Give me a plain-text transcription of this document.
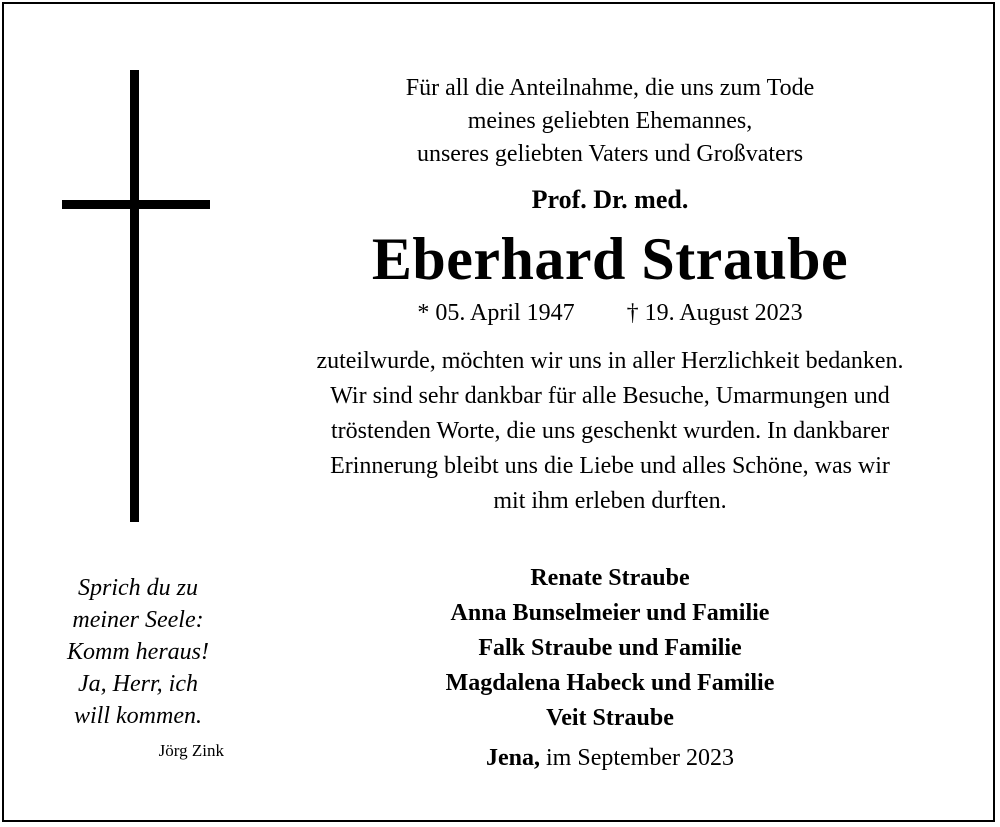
Für all die Anteilnahme, die uns zum Tode
meines geliebten Ehemannes,
unseres geliebten Vaters und Großvaters
Prof. Dr. med.
Eberhard Straube
* 05. April 1947 † 19. August 2023
zuteilwurde, möchten wir uns in aller Herzlichkeit bedanken.
Wir sind sehr dankbar für alle Besuche, Umarmungen und
tröstenden Worte, die uns geschenkt wurden. In dankbarer
Erinnerung bleibt uns die Liebe und alles Schöne, was wir
mit ihm erleben durften.
Renate Straube
Anna Bunselmeier und Familie
Falk Straube und Familie
Magdalena Habeck und Familie
Veit Straube
Jena, im September 2023
Sprich du zu
meiner Seele:
Komm heraus!
Ja, Herr, ich
will kommen.
Jörg Zink
